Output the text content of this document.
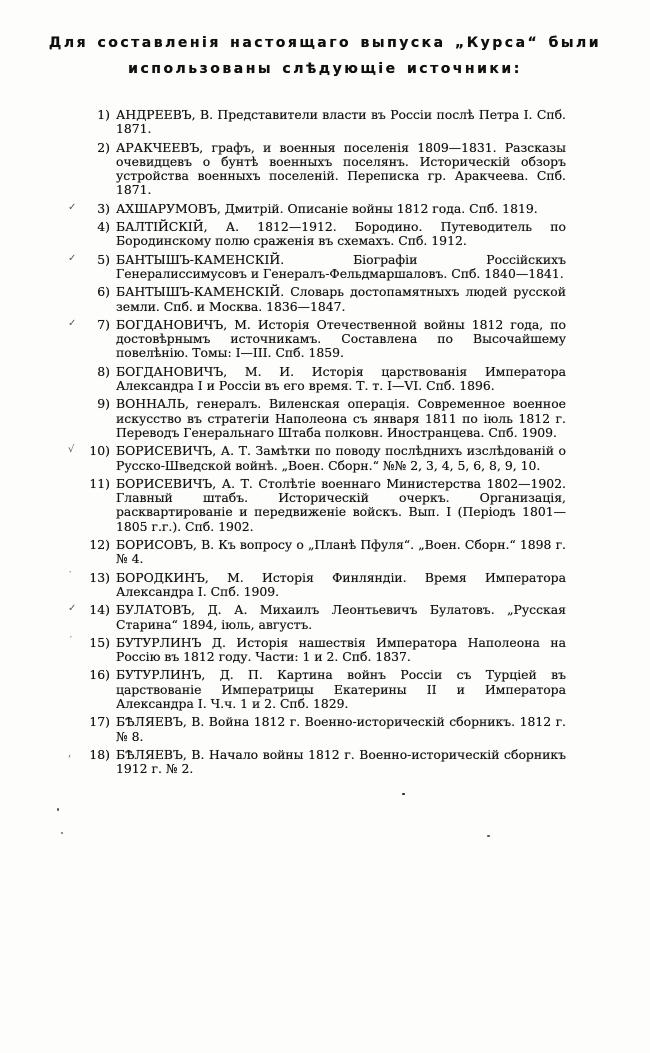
Для составленія настоящаго выпуска „Курса“ были
использованы слѣдующіе источники:
1) АНДРЕЕВЪ, В. Представители власти въ Россіи послѣ Петра I. Спб. 1871.
2) АРАКЧЕЕВЪ, графъ, и военныя поселенія 1809—1831. Разсказы очевидцевъ о бунтѣ военныхъ поселянъ. Историческій обзоръ устройства военныхъ поселеній. Переписка гр. Аракчеева. Спб. 1871.
✓	3) АХШАРУМОВЪ, Дмитрій. Описаніе войны 1812 года. Спб. 1819.
4) БАЛТІЙСКІЙ, А. 1812—1912. Бородино. Путеводитель по Бородинскому полю сраженія въ схемахъ. Спб. 1912.
✓	5) БАНТЫШЪ-КАМЕНСКІЙ. Біографіи Россійскихъ Генералиссимусовъ и Генералъ-Фельдмаршаловъ. Спб. 1840—1841.
6) БАНТЫШЪ-КАМЕНСКІЙ. Словарь достопамятныхъ людей русской земли. Спб. и Москва. 1836—1847.
✓	7) БОГДАНОВИЧЪ, М. Исторія Отечественной войны 1812 года, по достовѣрнымъ источникамъ. Составлена по Высочайшему повелѣнію. Томы: I—III. Спб. 1859.
8) БОГДАНОВИЧЪ, М. И. Исторія царствованія Императора Александра I и Россіи въ его время. Т. т. I—VI. Спб. 1896.
9) ВОННАЛЬ, генералъ. Виленская операція. Современное военное искусство въ стратегіи Наполеона съ января 1811 по іюль 1812 г. Переводъ Генеральнаго Штаба полковн. Иностранцева. Спб. 1909.
√	10) БОРИСЕВИЧЪ, А. Т. Замѣтки по поводу послѣднихъ изслѣдованій о Русско-Шведской войнѣ. „Воен. Сборн.“ №№ 2, 3, 4, 5, 6, 8, 9, 10.
11) БОРИСЕВИЧЪ, А. Т. Столѣтіе военнаго Министерства 1802—1902. Главный штабъ. Историческій очеркъ. Организація, расквартированіе и передвиженіе войскъ. Вып. I (Періодъ 1801—1805 г.г.). Спб. 1902.
12) БОРИСОВЪ, В. Къ вопросу о „Планѣ Пфуля“. „Воен. Сборн.“ 1898 г. № 4.
ˋ	13) БОРОДКИНЪ, М. Исторія Финляндіи. Время Императора Александра I. Спб. 1909.
✓	14) БУЛАТОВЪ, Д. А. Михаилъ Леонтьевичъ Булатовъ. „Русская Старина“ 1894, іюль, августъ.
ˊ	15) БУТУРЛИНЪ Д. Исторія нашествія Императора Наполеона на Россію въ 1812 году. Части: 1 и 2. Спб. 1837.
16) БУТУРЛИНЪ, Д. П. Картина войнъ Россіи съ Турціей въ царствованіе Императрицы Екатерины II и Императора Александра I. Ч.ч. 1 и 2. Спб. 1829.
17) БѢЛЯЕВЪ, В. Война 1812 г. Военно-историческій сборникъ. 1812 г. № 8.
‚	18) БѢЛЯЕВЪ, В. Начало войны 1812 г. Военно-историческій сборникъ 1912 г. № 2.
